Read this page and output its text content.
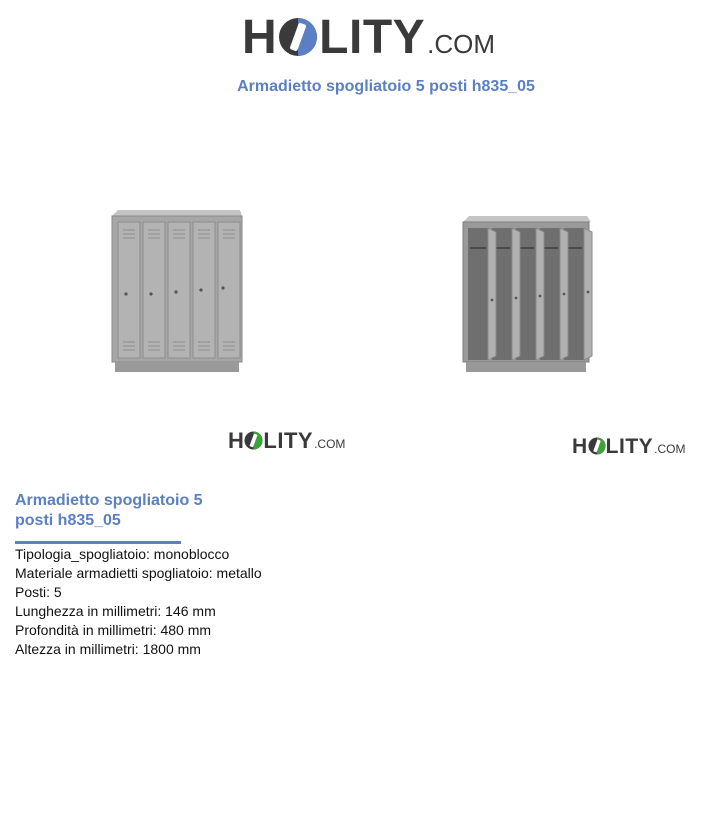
H LITY .COM
Armadietto spogliatoio 5 posti h835_05
H LITY .COM	H LITY .COM
Armadietto spogliatoio 5 posti h835_05
Tipologia_spogliatoio: monoblocco
Materiale armadietti spogliatoio: metallo
Posti: 5
Lunghezza in millimetri: 146 mm
Profondità in millimetri: 480 mm
Altezza in millimetri: 1800 mm
